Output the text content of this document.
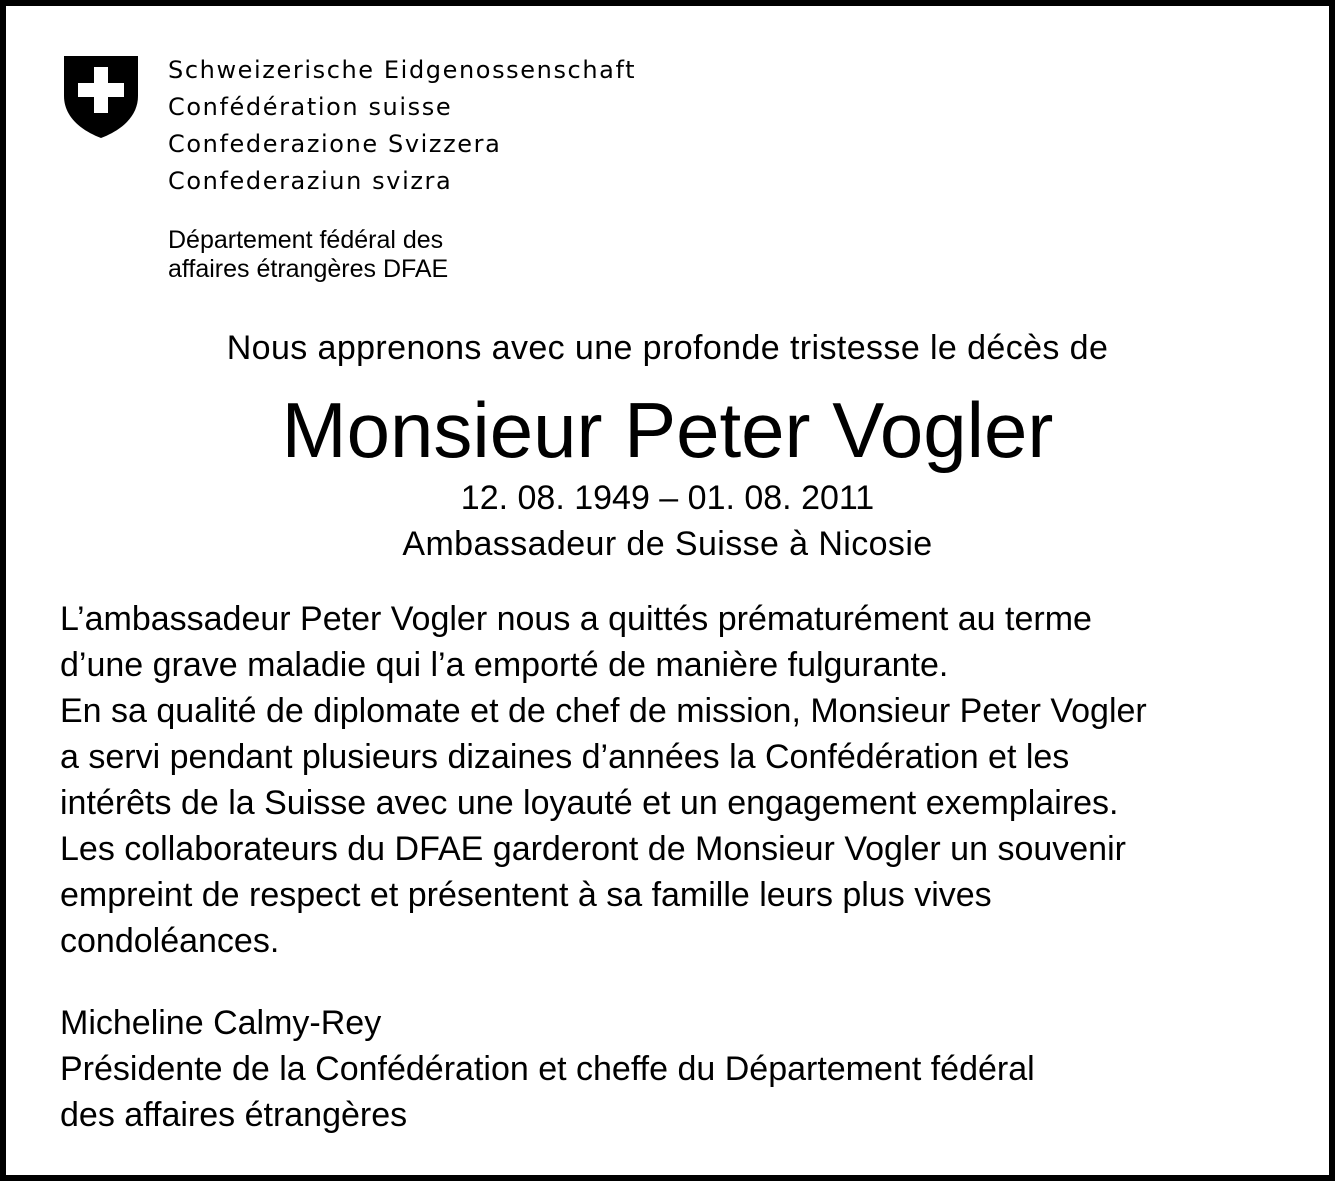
Schweizerische Eidgenossenschaft
Confédération suisse
Confederazione Svizzera
Confederaziun svizra
Département fédéral des
affaires étrangères DFAE
Nous apprenons avec une profonde tristesse le décès de
Monsieur Peter Vogler
12. 08. 1949 – 01. 08. 2011
Ambassadeur de Suisse à Nicosie
L’ambassadeur Peter Vogler nous a quittés prématurément au terme
d’une grave maladie qui l’a emporté de manière fulgurante.
En sa qualité de diplomate et de chef de mission, Monsieur Peter Vogler
a servi pendant plusieurs dizaines d’années la Confédération et les
intérêts de la Suisse avec une loyauté et un engagement exemplaires.
Les collaborateurs du DFAE garderont de Monsieur Vogler un souvenir
empreint de respect et présentent à sa famille leurs plus vives
condoléances.
Micheline Calmy-Rey
Présidente de la Confédération et cheffe du Département fédéral
des affaires étrangères
